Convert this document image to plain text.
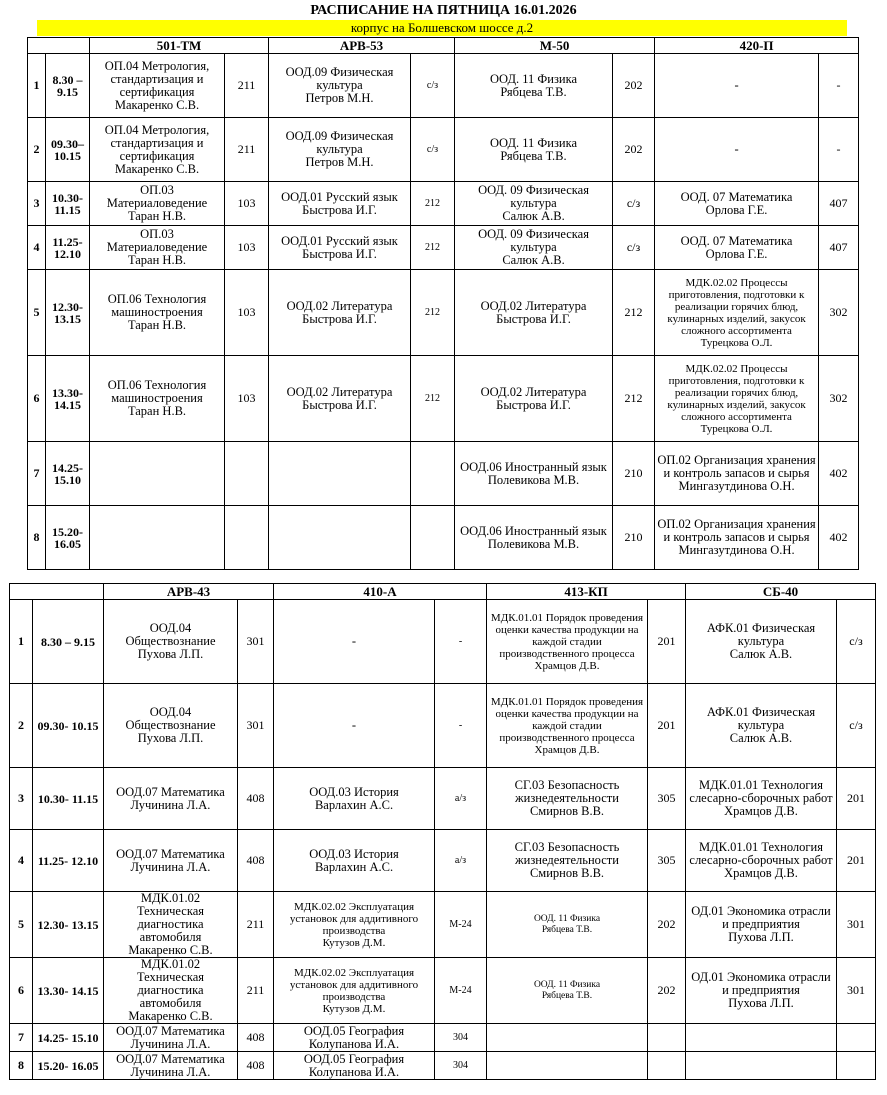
РАСПИСАНИЕ НА ПЯТНИЦА 16.01.2026
корпус на Болшевском шоссе д.2
		501-ТМ		АРВ-53		М-50		420-П	
1	8.30 – 9.15	ОП.04 Метрология, стандартизация и сертификация
Макаренко С.В.	211	ООД.09 Физическая культура
Петров М.Н.	с/з	ООД. 11 Физика
Рябцева Т.В.	202	-	-
2	09.30– 10.15	ОП.04 Метрология, стандартизация и сертификация
Макаренко С.В.	211	ООД.09 Физическая культура
Петров М.Н.	с/з	ООД. 11 Физика
Рябцева Т.В.	202	-	-
3	10.30- 11.15	ОП.03 Материаловедение
Таран Н.В.	103	ООД.01 Русский язык
Быстрова И.Г.	212	ООД. 09 Физическая культура
Салюк А.В.	с/з	ООД. 07 Математика
Орлова Г.Е.	407
4	11.25- 12.10	ОП.03 Материаловедение
Таран Н.В.	103	ООД.01 Русский язык
Быстрова И.Г.	212	ООД. 09 Физическая культура
Салюк А.В.	с/з	ООД. 07 Математика
Орлова Г.Е.	407
5	12.30- 13.15	ОП.06 Технология машиностроения
Таран Н.В.	103	ООД.02 Литература
Быстрова И.Г.	212	ООД.02 Литература
Быстрова И.Г.	212	МДК.02.02 Процессы приготовления, подготовки к реализации горячих блюд, кулинарных изделий, закусок сложного ассортимента
Турецкова О.Л.	302
6	13.30- 14.15	ОП.06 Технология машиностроения
Таран Н.В.	103	ООД.02 Литература
Быстрова И.Г.	212	ООД.02 Литература
Быстрова И.Г.	212	МДК.02.02 Процессы приготовления, подготовки к реализации горячих блюд, кулинарных изделий, закусок сложного ассортимента
Турецкова О.Л.	302
7	14.25- 15.10					ООД.06 Иностранный язык
Полевикова М.В.	210	ОП.02 Организация хранения и контроль запасов и сырья
Мингазутдинова О.Н.	402
8	15.20- 16.05					ООД.06 Иностранный язык
Полевикова М.В.	210	ОП.02 Организация хранения и контроль запасов и сырья
Мингазутдинова О.Н.	402
		АРВ-43		410-А		413-КП		СБ-40	
1	8.30 – 9.15	ООД.04 Обществознание
Пухова Л.П.	301	-	-	МДК.01.01 Порядок проведения оценки качества продукции на каждой стадии производственного процесса
Храмцов Д.В.	201	АФК.01 Физическая культура
Салюк А.В.	с/з
2	09.30- 10.15	ООД.04 Обществознание
Пухова Л.П.	301	-	-	МДК.01.01 Порядок проведения оценки качества продукции на каждой стадии производственного процесса
Храмцов Д.В.	201	АФК.01 Физическая культура
Салюк А.В.	с/з
3	10.30- 11.15	ООД.07 Математика
Лучинина Л.А.	408	ООД.03 История
Варлахин А.С.	а/з	СГ.03 Безопасность жизнедеятельности
Смирнов В.В.	305	МДК.01.01 Технология слесарно-сборочных работ
Храмцов Д.В.	201
4	11.25- 12.10	ООД.07 Математика
Лучинина Л.А.	408	ООД.03 История
Варлахин А.С.	а/з	СГ.03 Безопасность жизнедеятельности
Смирнов В.В.	305	МДК.01.01 Технология слесарно-сборочных работ
Храмцов Д.В.	201
5	12.30- 13.15	МДК.01.02 Техническая диагностика автомобиля
Макаренко С.В.	211	МДК.02.02 Эксплуатация установок для аддитивного производства
Кутузов Д.М.	М-24	ООД. 11 Физика
Рябцева Т.В.	202	ОД.01 Экономика отрасли и предприятия
Пухова Л.П.	301
6	13.30- 14.15	МДК.01.02 Техническая диагностика автомобиля
Макаренко С.В.	211	МДК.02.02 Эксплуатация установок для аддитивного производства
Кутузов Д.М.	М-24	ООД. 11 Физика
Рябцева Т.В.	202	ОД.01 Экономика отрасли и предприятия
Пухова Л.П.	301
7	14.25- 15.10	ООД.07 Математика
Лучинина Л.А.	408	ООД.05 География
Колупанова И.А.	304				
8	15.20- 16.05	ООД.07 Математика
Лучинина Л.А.	408	ООД.05 География
Колупанова И.А.	304				
